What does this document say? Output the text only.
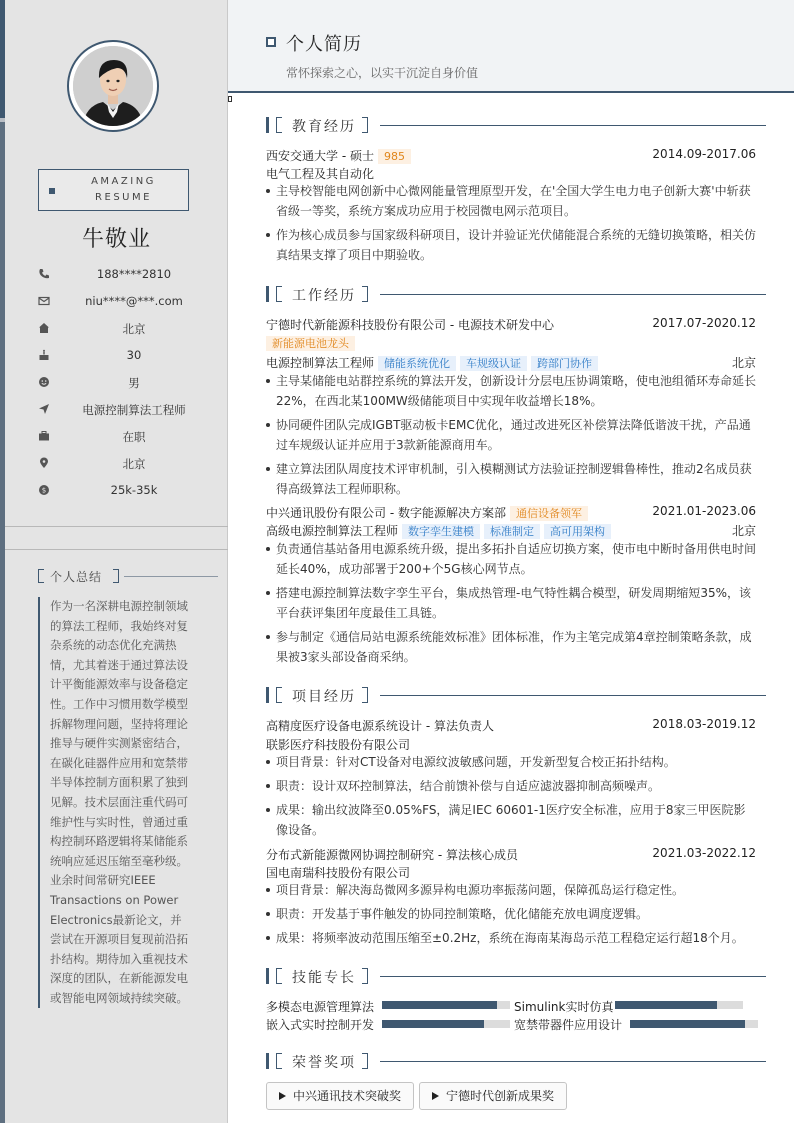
AMAZING
RESUME
牛敬业
188****2810
niu****@***.com
北京
30
男
电源控制算法工程师
在职
北京
$	25k-35k
个人总结
作为一名深耕电源控制领域的算法工程师，我始终对复杂系统的动态优化充满热情，尤其着迷于通过算法设计平衡能源效率与设备稳定性。工作中习惯用数学模型拆解物理问题，坚持将理论推导与硬件实测紧密结合，在碳化硅器件应用和宽禁带半导体控制方面积累了独到见解。技术层面注重代码可维护性与实时性，曾通过重构控制环路逻辑将某储能系统响应延迟压缩至毫秒级。业余时间常研究IEEE Transactions on Power Electronics最新论文，并尝试在开源项目复现前沿拓扑结构。期待加入重视技术深度的团队，在新能源发电或智能电网领域持续突破。
个人简历
常怀探索之心，以实干沉淀自身价值
教育经历
西安交通大学 - 硕士 985	2014.09-2017.06
电气工程及其自动化
主导校智能电网创新中心微网能量管理原型开发，在'全国大学生电力电子创新大赛'中斩获省级一等奖，系统方案成功应用于校园微电网示范项目。
作为核心成员参与国家级科研项目，设计并验证光伏储能混合系统的无缝切换策略，相关仿真结果支撑了项目中期验收。
工作经历
宁德时代新能源科技股份有限公司 - 电源技术研发中心	2017.07-2020.12
新能源电池龙头
电源控制算法工程师 储能系统优化 车规级认证 跨部门协作	北京
主导某储能电站群控系统的算法开发，创新设计分层电压协调策略，使电池组循环寿命延长22%，在西北某100MW级储能项目中实现年收益增长18%。
协同硬件团队完成IGBT驱动板卡EMC优化，通过改进死区补偿算法降低谐波干扰，产品通过车规级认证并应用于3款新能源商用车。
建立算法团队周度技术评审机制，引入模糊测试方法验证控制逻辑鲁棒性，推动2名成员获得高级算法工程师职称。
中兴通讯股份有限公司 - 数字能源解决方案部 通信设备领军	2021.01-2023.06
高级电源控制算法工程师 数字孪生建模 标准制定 高可用架构	北京
负责通信基站备用电源系统升级，提出多拓扑自适应切换方案，使市电中断时备用供电时间延长40%，成功部署于200+个5G核心网节点。
搭建电源控制算法数字孪生平台，集成热管理-电气特性耦合模型，研发周期缩短35%，该平台获评集团年度最佳工具链。
参与制定《通信局站电源系统能效标准》团体标准，作为主笔完成第4章控制策略条款，成果被3家头部设备商采纳。
项目经历
高精度医疗设备电源系统设计 - 算法负责人	2018.03-2019.12
联影医疗科技股份有限公司
项目背景：针对CT设备对电源纹波敏感问题，开发新型复合校正拓扑结构。
职责：设计双环控制算法，结合前馈补偿与自适应滤波器抑制高频噪声。
成果：输出纹波降至0.05%FS，满足IEC 60601-1医疗安全标准，应用于8家三甲医院影像设备。
分布式新能源微网协调控制研究 - 算法核心成员	2021.03-2022.12
国电南瑞科技股份有限公司
项目背景：解决海岛微网多源异构电源功率振荡问题，保障孤岛运行稳定性。
职责：开发基于事件触发的协同控制策略，优化储能充放电调度逻辑。
成果：将频率波动范围压缩至±0.2Hz，系统在海南某海岛示范工程稳定运行超18个月。
技能专长
多模态电源管理算法	Simulink实时仿真
嵌入式实时控制开发	宽禁带器件应用设计
荣誉奖项
中兴通讯技术突破奖	宁德时代创新成果奖
